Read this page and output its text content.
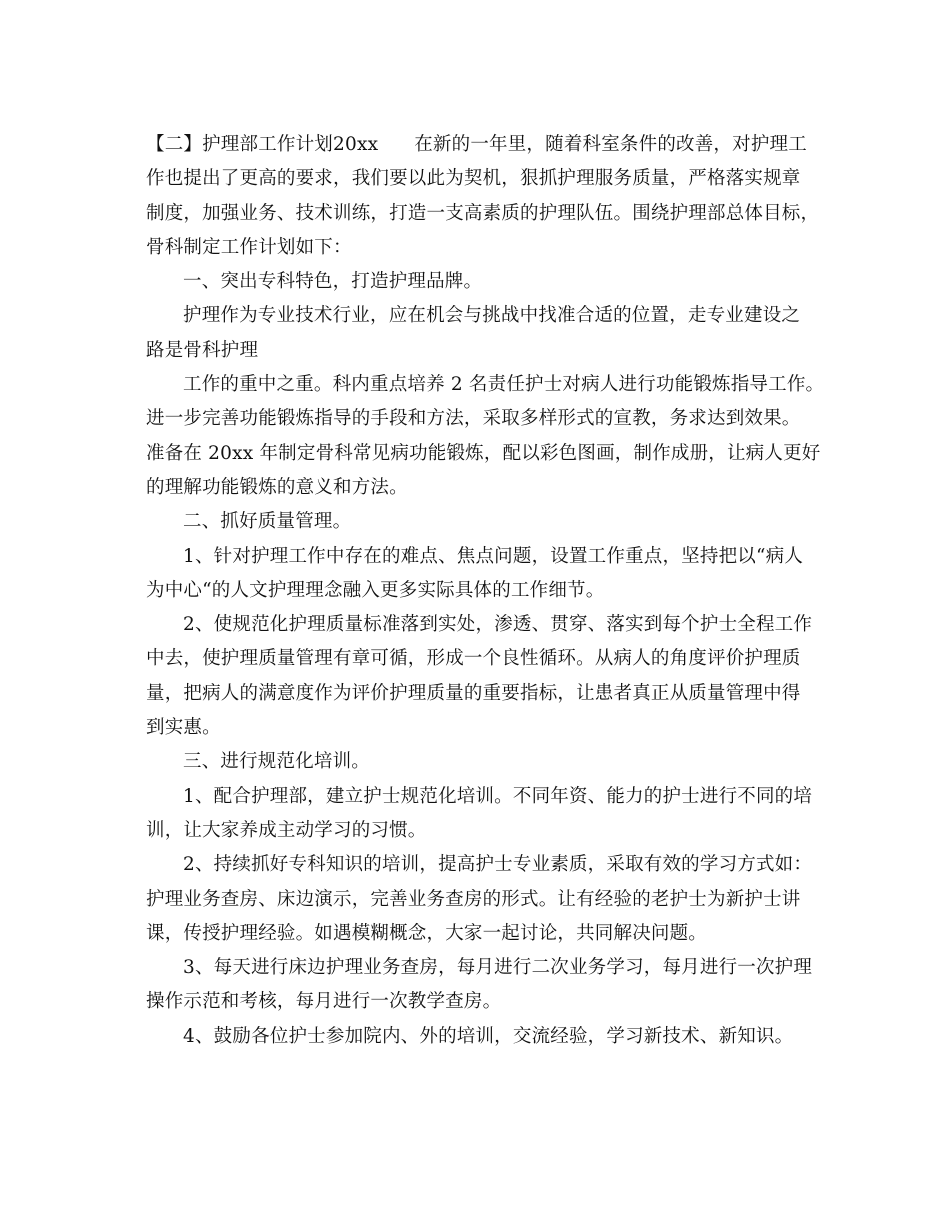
【二】护理部工作计划20xx 在新的一年里，随着科室条件的改善，对护理工
作也提出了更高的要求，我们要以此为契机，狠抓护理服务质量，严格落实规章
制度，加强业务、技术训练，打造一支高素质的护理队伍。围绕护理部总体目标，
骨科制定工作计划如下：
一、突出专科特色，打造护理品牌。
护理作为专业技术行业，应在机会与挑战中找准合适的位置，走专业建设之
路是骨科护理
工作的重中之重。科内重点培养 2 名责任护士对病人进行功能锻炼指导工作。
进一步完善功能锻炼指导的手段和方法，采取多样形式的宣教，务求达到效果。
准备在 20xx 年制定骨科常见病功能锻炼，配以彩色图画，制作成册，让病人更好
的理解功能锻炼的意义和方法。
二、抓好质量管理。
1、针对护理工作中存在的难点、焦点问题，设置工作重点，坚持把以“病人
为中心“的人文护理理念融入更多实际具体的工作细节。
2、使规范化护理质量标准落到实处，渗透、贯穿、落实到每个护士全程工作
中去，使护理质量管理有章可循，形成一个良性循环。从病人的角度评价护理质
量，把病人的满意度作为评价护理质量的重要指标，让患者真正从质量管理中得
到实惠。
三、进行规范化培训。
1、配合护理部，建立护士规范化培训。不同年资、能力的护士进行不同的培
训，让大家养成主动学习的习惯。
2、持续抓好专科知识的培训，提高护士专业素质，采取有效的学习方式如：
护理业务查房、床边演示，完善业务查房的形式。让有经验的老护士为新护士讲
课，传授护理经验。如遇模糊概念，大家一起讨论，共同解决问题。
3、每天进行床边护理业务查房，每月进行二次业务学习，每月进行一次护理
操作示范和考核，每月进行一次教学查房。
4、鼓励各位护士参加院内、外的培训，交流经验，学习新技术、新知识。
